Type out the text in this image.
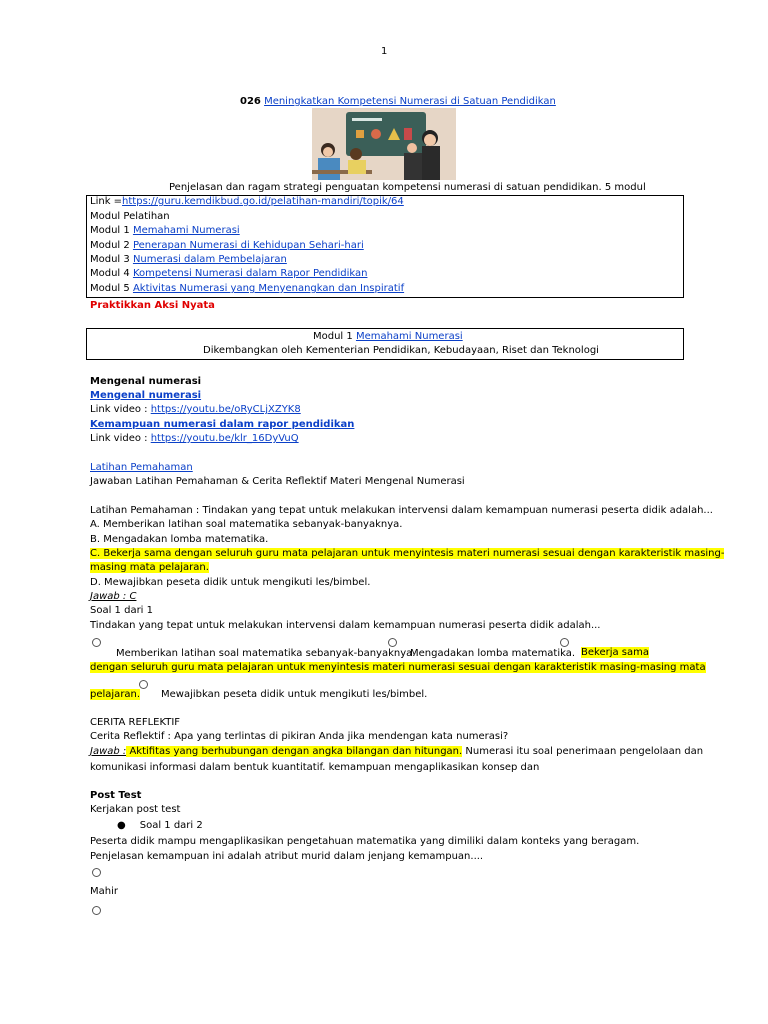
1
026 Meningkatkan Kompetensi Numerasi di Satuan Pendidikan
Penjelasan dan ragam strategi penguatan kompetensi numerasi di satuan pendidikan. 5 modul
Link =https://guru.kemdikbud.go.id/pelatihan-mandiri/topik/64
Modul Pelatihan
Modul 1 Memahami Numerasi
Modul 2 Penerapan Numerasi di Kehidupan Sehari-hari
Modul 3 Numerasi dalam Pembelajaran
Modul 4 Kompetensi Numerasi dalam Rapor Pendidikan
Modul 5 Aktivitas Numerasi yang Menyenangkan dan Inspiratif
Praktikkan Aksi Nyata
Modul 1 Memahami Numerasi
Dikembangkan oleh Kementerian Pendidikan, Kebudayaan, Riset dan Teknologi
Mengenal numerasi
Mengenal numerasi
Link video : https://youtu.be/oRyCLjXZYK8
Kemampuan numerasi dalam rapor pendidikan
Link video : https://youtu.be/klr_16DyVuQ
Latihan Pemahaman
Jawaban Latihan Pemahaman & Cerita Reflektif Materi Mengenal Numerasi
Latihan Pemahaman : Tindakan yang tepat untuk melakukan intervensi dalam kemampuan numerasi peserta didik adalah...
A. Memberikan latihan soal matematika sebanyak-banyaknya.
B. Mengadakan lomba matematika.
C. Bekerja sama dengan seluruh guru mata pelajaran untuk menyintesis materi numerasi sesuai dengan karakteristik masing-
masing mata pelajaran.
D. Mewajibkan peseta didik untuk mengikuti les/bimbel.
Jawab : C
Soal 1 dari 1
Tindakan yang tepat untuk melakukan intervensi dalam kemampuan numerasi peserta didik adalah...
Memberikan latihan soal matematika sebanyak-banyaknya.
Mengadakan lomba matematika. Bekerja sama
dengan seluruh guru mata pelajaran untuk menyintesis materi numerasi sesuai dengan karakteristik masing-masing mata
pelajaran. Mewajibkan peseta didik untuk mengikuti les/bimbel.
CERITA REFLEKTIF
Cerita Reflektif : Apa yang terlintas di pikiran Anda jika mendengan kata numerasi?
Jawab : Aktifitas yang berhubungan dengan angka bilangan dan hitungan. Numerasi itu soal penerimaan pengelolaan dan
komunikasi informasi dalam bentuk kuantitatif. kemampuan mengaplikasikan konsep dan
Post Test
Kerjakan post test
● Soal 1 dari 2
Peserta didik mampu mengaplikasikan pengetahuan matematika yang dimiliki dalam konteks yang beragam.
Penjelasan kemampuan ini adalah atribut murid dalam jenjang kemampuan....
Mahir
